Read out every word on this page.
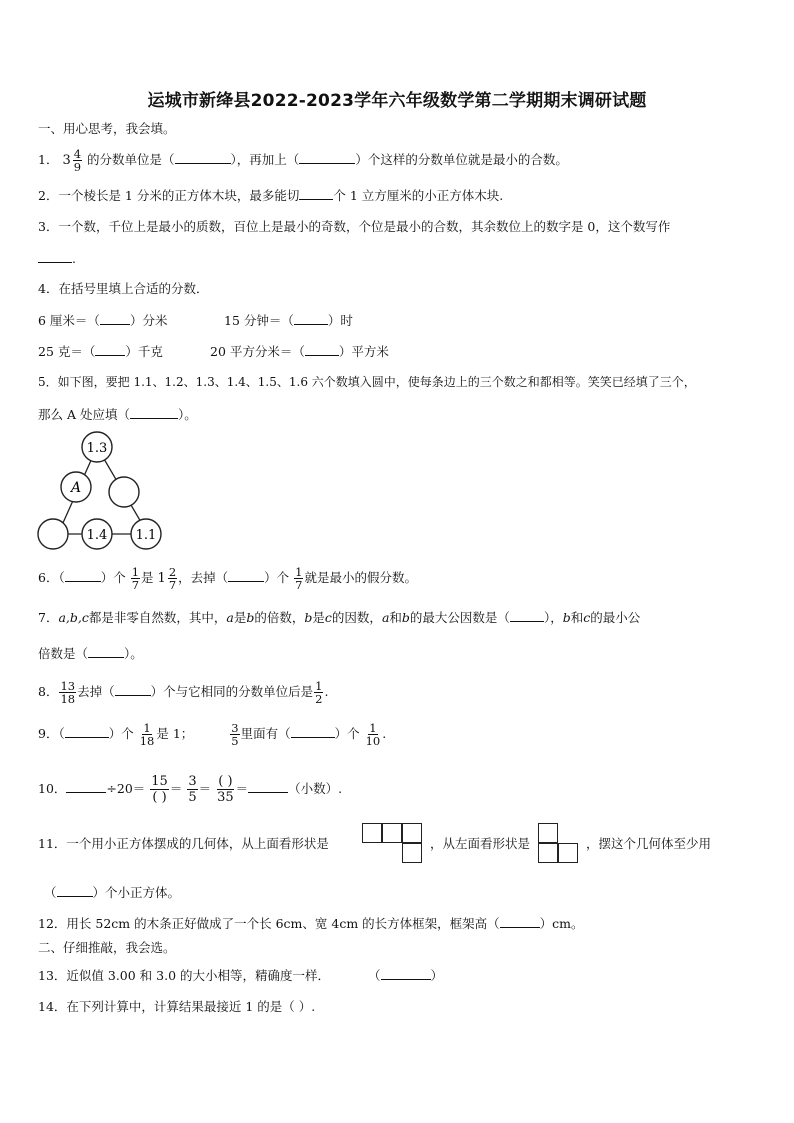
运城市新绛县2022-2023学年六年级数学第二学期期末调研试题
一、用心思考，我会填。
1． $3 \frac{4}{9}$ 的分数单位是（	），再加上（	）个这样的分数单位就是最小的合数。
2．一个棱长是 1 分米的正方体木块，最多能切	个 1 立方厘米的小正方体木块.
3．一个数，千位上是最小的质数，百位上是最小的奇数，个位是最小的合数，其余数位上的数字是 0，这个数写作
.
4．在括号里填上合适的分数．
6 厘米＝（ ）分米	15 分钟＝（	）时
25 克＝（ ）千克	20 平方分米＝（	）平方米
5．如下图，要把 1.1、1.2、1.3、1.4、1.5、1.6 六个数填入圆中，使每条边上的三个数之和都相等。笑笑已经填了三个，
那么 A 处应填（	）。
1.3
A
1.4 1.1
6．（	）个 $\frac{1}{7}$ 是 $1 \frac{2}{7}$ ，去掉（	）个 $\frac{1}{7}$ 就是最小的假分数。
7．a,b,c都是非零自然数，其中，a是b的倍数，b是c的因数，a和b的最大公因数是（	），b和c的最小公
倍数是（	）。
8． $\frac{13}{18}$ 去掉（	）个与它相同的分数单位后是 $\frac{1}{2}$ .
9．（	）个 $\frac{1}{18}$ 是 1；	$\frac{3}{5}$ 里面有（	）个 $\frac{1}{10}$ .
10．	$\div 20= \frac{15}{( )} = \frac{3}{5} = \frac{( )}{35}$ ＝	（小数）.
11．一个用小正方体摆成的几何体，从上面看形状是	，从左面看形状是	，摆这个几何体至少用
（	）个小正方体。
12．用长 52cm 的木条正好做成了一个长 6cm、宽 4cm 的长方体框架，框架高（	）cm。
二、仔细推敲，我会选。
13．近似值 3.00 和 3.0 的大小相等，精确度一样．	（	）
14．在下列计算中，计算结果最接近 1 的是（ ）.
